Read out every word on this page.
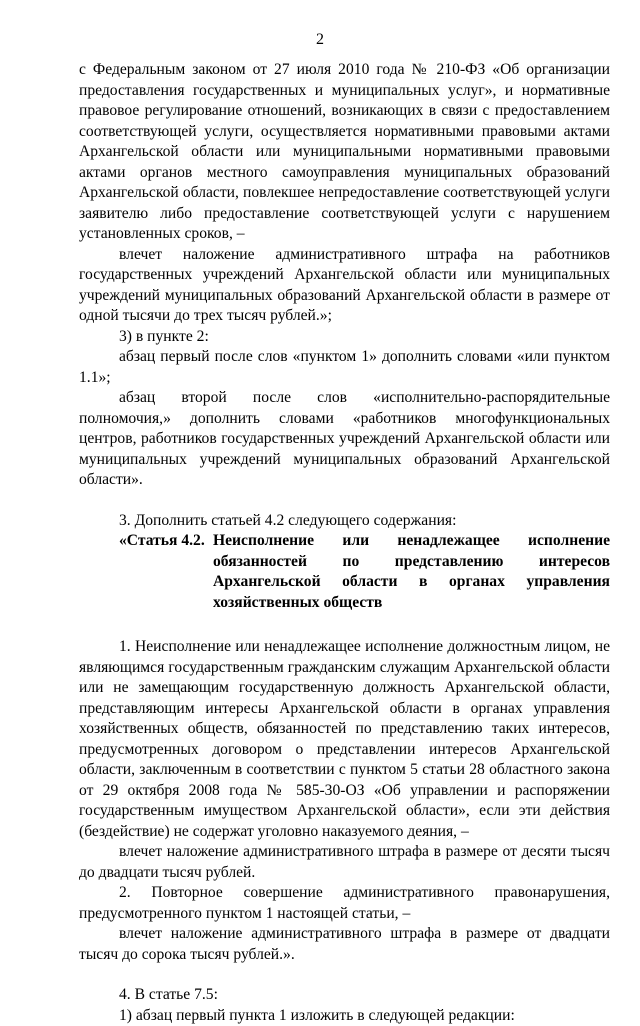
2

с Федеральным законом от 27 июля 2010 года № 210-ФЗ «Об организации предоставления государственных и муниципальных услуг», и нормативные правовое регулирование отношений, возникающих в связи с предоставлением соответствующей услуги, осуществляется нормативными правовыми актами Архангельской области или муниципальными нормативными правовыми актами органов местного самоуправления муниципальных образований Архангельской области, повлекшее непредоставление соответствующей услуги заявителю либо предоставление соответствующей услуги с нарушением установленных сроков, –

влечет наложение административного штрафа на работников государственных учреждений Архангельской области или муниципальных учреждений муниципальных образований Архангельской области в размере от одной тысячи до трех тысяч рублей.»;

3) в пункте 2:

абзац первый после слов «пунктом 1» дополнить словами «или пунктом 1.1»;

абзац второй после слов «исполнительно-распорядительные полномочия,» дополнить словами «работников многофункциональных центров, работников государственных учреждений Архангельской области или муниципальных учреждений муниципальных образований Архангельской области».

3. Дополнить статьей 4.2 следующего содержания:

«Статья 4.2. Неисполнение или ненадлежащее исполнение обязанностей по представлению интересов Архангельской области в органах управления хозяйственных обществ

1. Неисполнение или ненадлежащее исполнение должностным лицом, не являющимся государственным гражданским служащим Архангельской области или не замещающим государственную должность Архангельской области, представляющим интересы Архангельской области в органах управления хозяйственных обществ, обязанностей по представлению таких интересов, предусмотренных договором о представлении интересов Архангельской области, заключенным в соответствии с пунктом 5 статьи 28 областного закона от 29 октября 2008 года № 585-30-ОЗ «Об управлении и распоряжении государственным имуществом Архангельской области», если эти действия (бездействие) не содержат уголовно наказуемого деяния, –

влечет наложение административного штрафа в размере от десяти тысяч до двадцати тысяч рублей.

2. Повторное совершение административного правонарушения, предусмотренного пунктом 1 настоящей статьи, –

влечет наложение административного штрафа в размере от двадцати тысяч до сорока тысяч рублей.».

4. В статье 7.5:

1) абзац первый пункта 1 изложить в следующей редакции:
